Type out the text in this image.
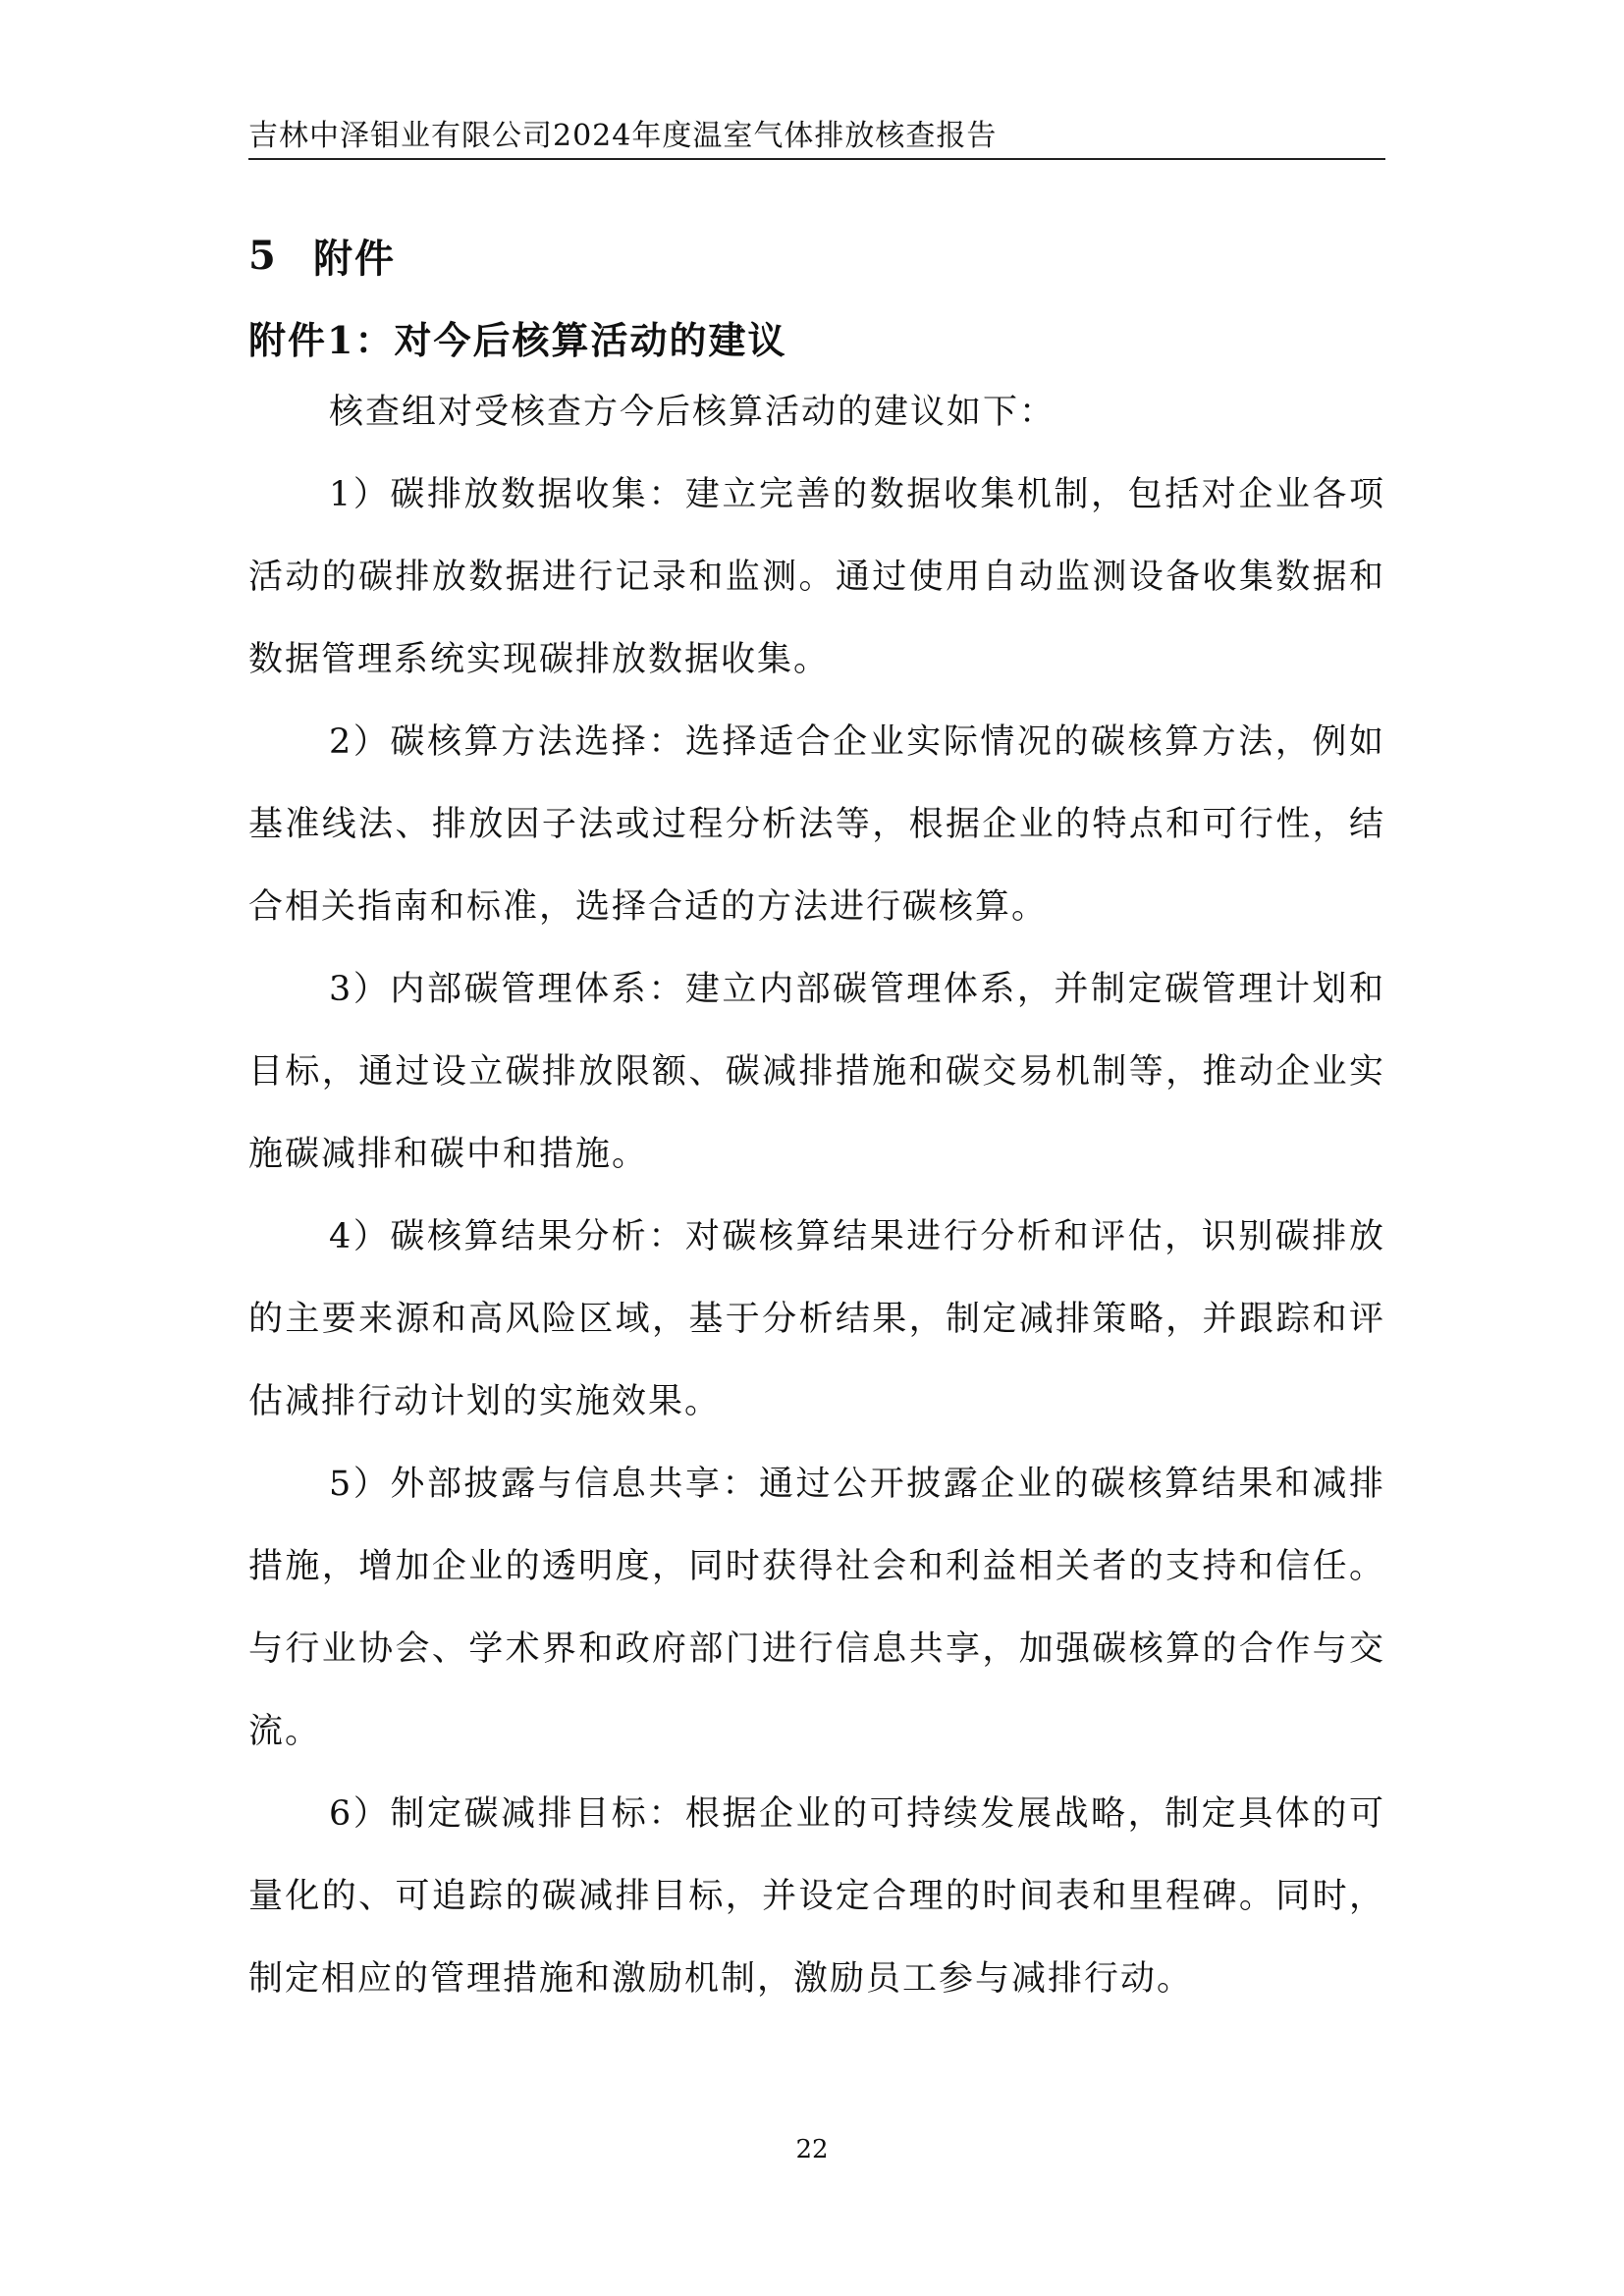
吉林中泽钼业有限公司2024年度温室气体排放核查报告
5 附件
附件1：对今后核算活动的建议

核查组对受核查方今后核算活动的建议如下：

1）碳排放数据收集：建立完善的数据收集机制，包括对企业各项活动的碳排放数据进行记录和监测。通过使用自动监测设备收集数据和数据管理系统实现碳排放数据收集。

2）碳核算方法选择：选择适合企业实际情况的碳核算方法，例如基准线法、排放因子法或过程分析法等，根据企业的特点和可行性，结合相关指南和标准，选择合适的方法进行碳核算。

3）内部碳管理体系：建立内部碳管理体系，并制定碳管理计划和目标，通过设立碳排放限额、碳减排措施和碳交易机制等，推动企业实施碳减排和碳中和措施。

4）碳核算结果分析：对碳核算结果进行分析和评估，识别碳排放的主要来源和高风险区域，基于分析结果，制定减排策略，并跟踪和评估减排行动计划的实施效果。

5）外部披露与信息共享：通过公开披露企业的碳核算结果和减排措施，增加企业的透明度，同时获得社会和利益相关者的支持和信任。与行业协会、学术界和政府部门进行信息共享，加强碳核算的合作与交流。

6）制定碳减排目标：根据企业的可持续发展战略，制定具体的可量化的、可追踪的碳减排目标，并设定合理的时间表和里程碑。同时，制定相应的管理措施和激励机制，激励员工参与减排行动。

22
